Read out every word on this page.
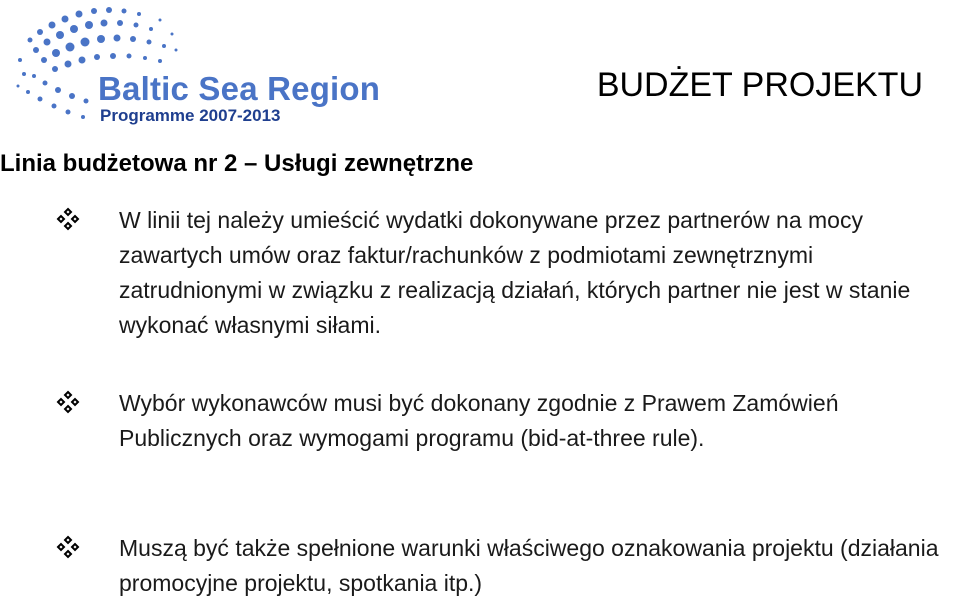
Baltic Sea Region
Programme 2007-2013
BUDŻET PROJEKTU
Linia budżetowa nr 2 – Usługi zewnętrzne

W linii tej należy umieścić wydatki dokonywane przez partnerów na mocy zawartych umów oraz faktur/rachunków z podmiotami zewnętrznymi zatrudnionymi w związku z realizacją działań, których partner nie jest w stanie wykonać własnymi siłami.

Wybór wykonawców musi być dokonany zgodnie z Prawem Zamówień Publicznych oraz wymogami programu (bid-at-three rule).

Muszą być także spełnione warunki właściwego oznakowania projektu (działania promocyjne projektu, spotkania itp.)
